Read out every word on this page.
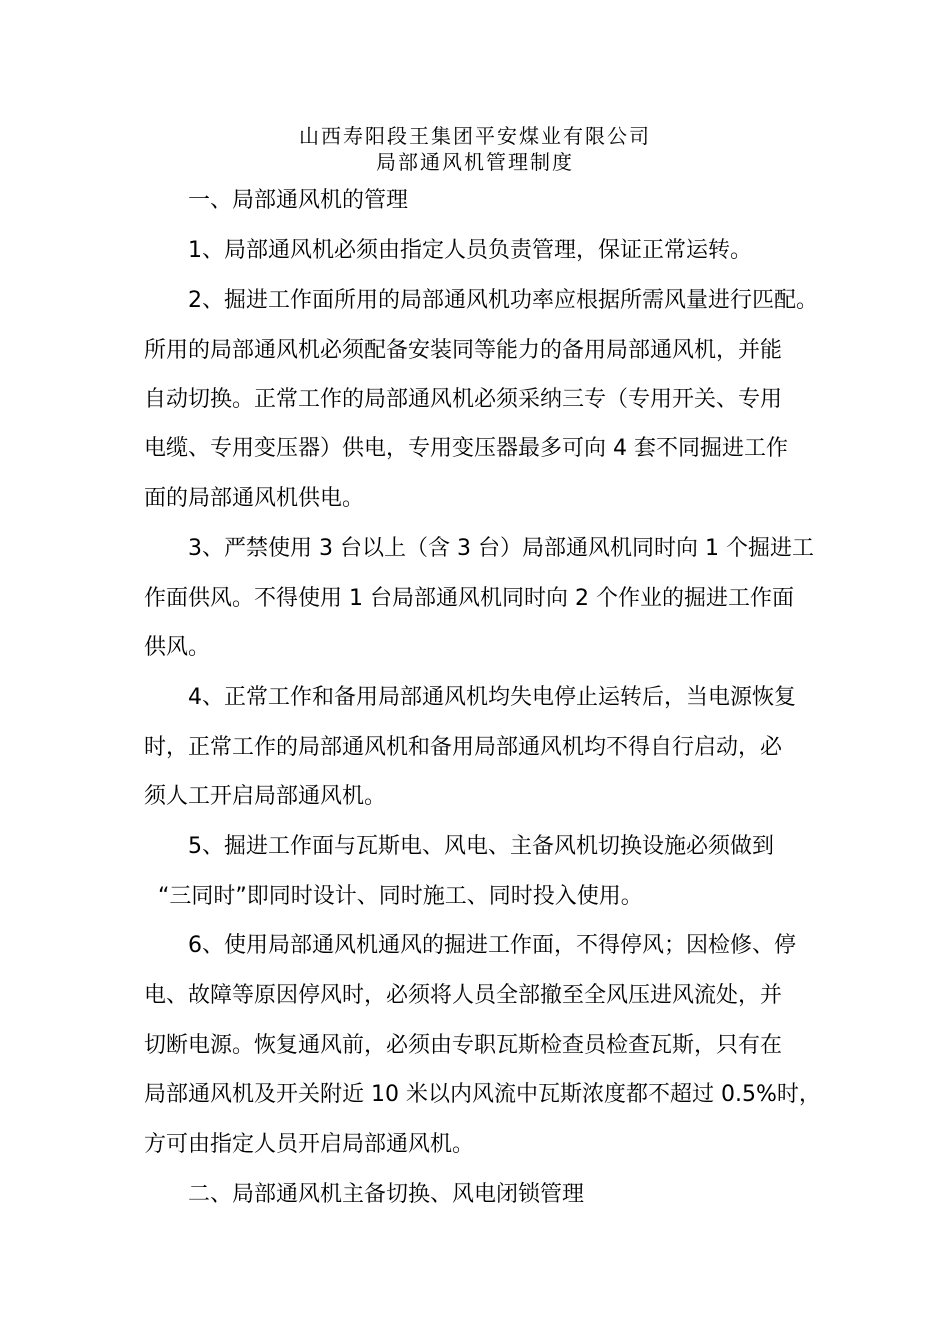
山西寿阳段王集团平安煤业有限公司
局部通风机管理制度
一、局部通风机的管理
1、局部通风机必须由指定人员负责管理，保证正常运转。
2、掘进工作面所用的局部通风机功率应根据所需风量进行匹配。
所用的局部通风机必须配备安装同等能力的备用局部通风机，并能
自动切换。正常工作的局部通风机必须采纳三专（专用开关、专用
电缆、专用变压器）供电，专用变压器最多可向 4 套不同掘进工作
面的局部通风机供电。
3、严禁使用 3 台以上（含 3 台）局部通风机同时向 1 个掘进工
作面供风。不得使用 1 台局部通风机同时向 2 个作业的掘进工作面
供风。
4、正常工作和备用局部通风机均失电停止运转后，当电源恢复
时，正常工作的局部通风机和备用局部通风机均不得自行启动，必
须人工开启局部通风机。
5、掘进工作面与瓦斯电、风电、主备风机切换设施必须做到
“三同时”即同时设计、同时施工、同时投入使用。
6、使用局部通风机通风的掘进工作面，不得停风；因检修、停
电、故障等原因停风时，必须将人员全部撤至全风压进风流处，并
切断电源。恢复通风前，必须由专职瓦斯检查员检查瓦斯，只有在
局部通风机及开关附近 10 米以内风流中瓦斯浓度都不超过 0.5%时，
方可由指定人员开启局部通风机。
二、局部通风机主备切换、风电闭锁管理
